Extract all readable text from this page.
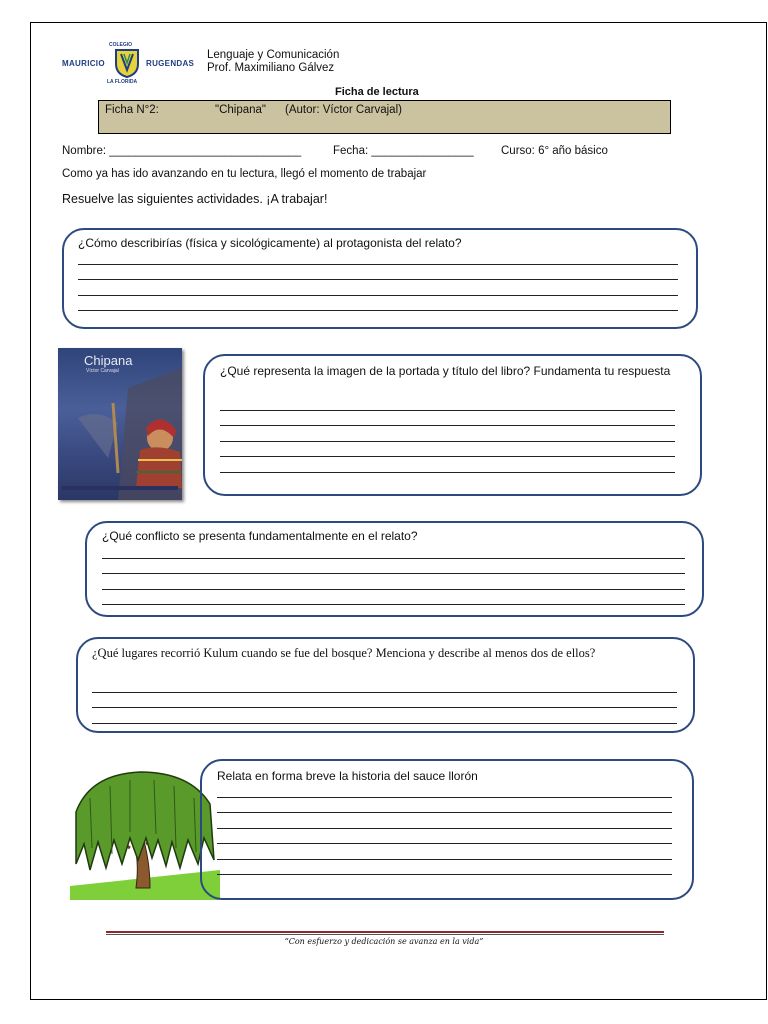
COLEGIO
MAURICIO	RUGENDAS
LA FLORIDA
Lenguaje y Comunicación
Prof. Maximiliano Gálvez
Ficha de lectura
Ficha N°2:	"Chipana" (Autor: Víctor Carvajal)
Nombre: ______________________________	Fecha: ________________ Curso: 6° año básico
Como ya has ido avanzando en tu lectura, llegó el momento de trabajar
Resuelve las siguientes actividades. ¡A trabajar!
¿Cómo describirías (física y sicológicamente) al protagonista del relato?
Chipana
Víctor Carvajal	¿Qué representa la imagen de la portada y título del libro? Fundamenta tu respuesta
¿Qué conflicto se presenta fundamentalmente en el relato?
¿Qué lugares recorrió Kulum cuando se fue del bosque? Menciona y describe al menos dos de ellos?
Relata en forma breve la historia del sauce llorón
“Con esfuerzo y dedicación se avanza en la vida”
